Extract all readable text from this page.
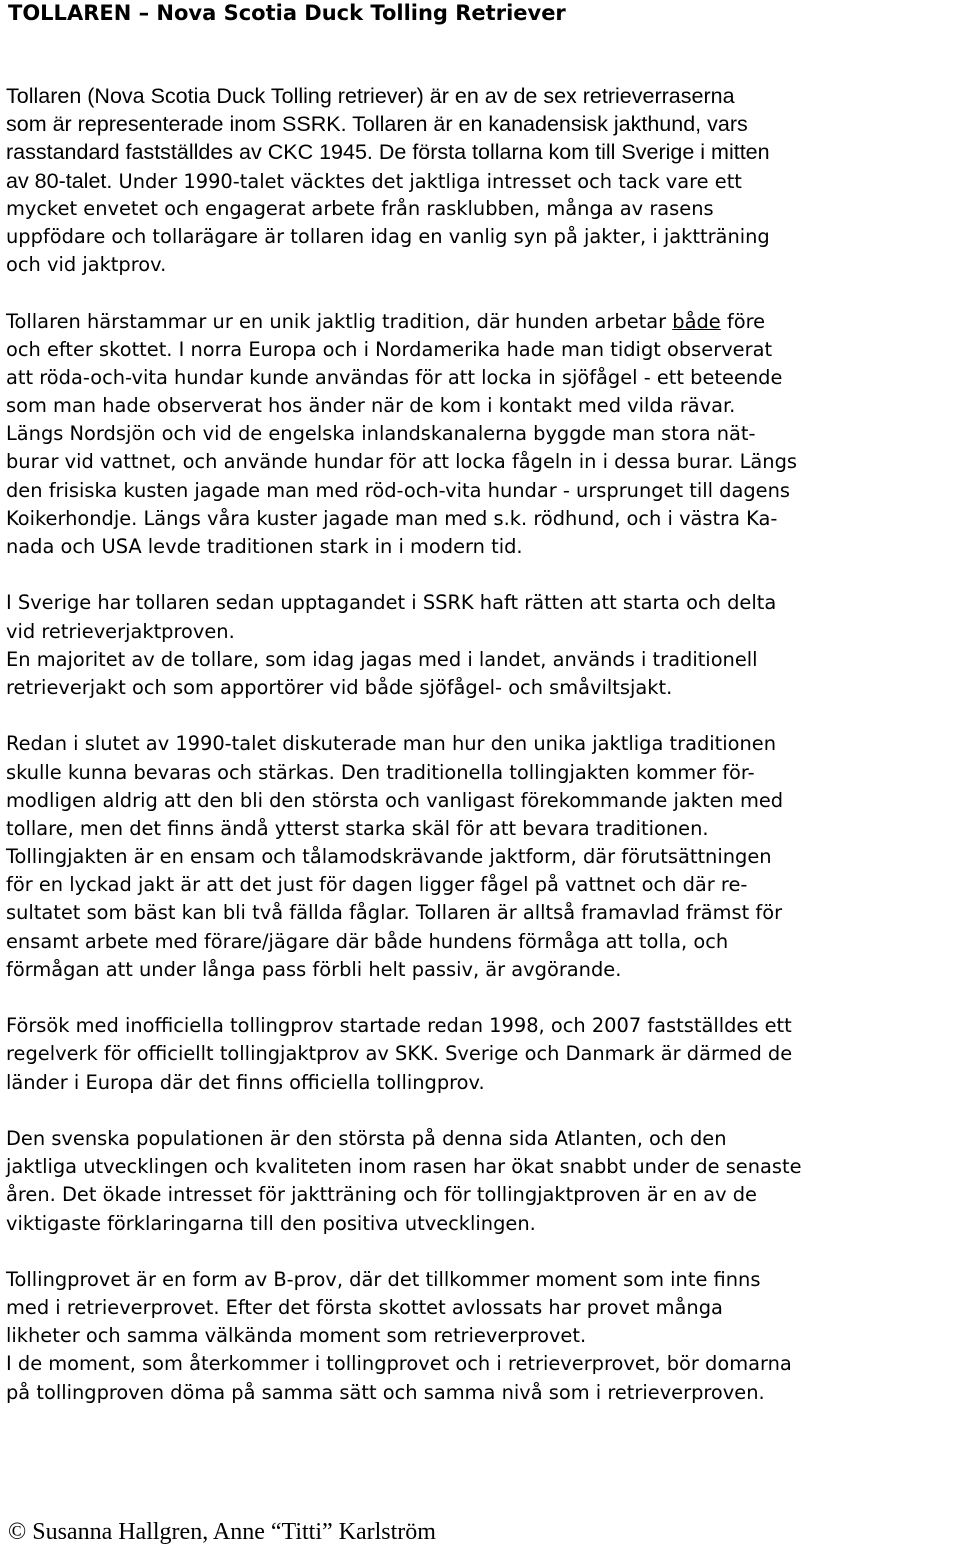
TOLLAREN – Nova Scotia Duck Tolling Retriever
Tollaren (Nova Scotia Duck Tolling retriever) är en av de sex retrieverraserna
som är representerade inom SSRK. Tollaren är en kanadensisk jakthund, vars
rasstandard fastställdes av CKC 1945. De första tollarna kom till Sverige i mitten
av 80-talet. Under 1990-talet väcktes det jaktliga intresset och tack vare ett
mycket envetet och engagerat arbete från rasklubben, många av rasens
uppfödare och tollarägare är tollaren idag en vanlig syn på jakter, i jaktträning
och vid jaktprov.
Tollaren härstammar ur en unik jaktlig tradition, där hunden arbetar både före
och efter skottet. I norra Europa och i Nordamerika hade man tidigt observerat
att röda-och-vita hundar kunde användas för att locka in sjöfågel - ett beteende
som man hade observerat hos änder när de kom i kontakt med vilda rävar.
Längs Nordsjön och vid de engelska inlandskanalerna byggde man stora nät-
burar vid vattnet, och använde hundar för att locka fågeln in i dessa burar. Längs
den frisiska kusten jagade man med röd-och-vita hundar - ursprunget till dagens
Koikerhondje. Längs våra kuster jagade man med s.k. rödhund, och i västra Ka-
nada och USA levde traditionen stark in i modern tid.
I Sverige har tollaren sedan upptagandet i SSRK haft rätten att starta och delta
vid retrieverjaktproven.
En majoritet av de tollare, som idag jagas med i landet, används i traditionell
retrieverjakt och som apportörer vid både sjöfågel- och småviltsjakt.
Redan i slutet av 1990-talet diskuterade man hur den unika jaktliga traditionen
skulle kunna bevaras och stärkas. Den traditionella tollingjakten kommer för-
modligen aldrig att den bli den största och vanligast förekommande jakten med
tollare, men det finns ändå ytterst starka skäl för att bevara traditionen.
Tollingjakten är en ensam och tålamodskrävande jaktform, där förutsättningen
för en lyckad jakt är att det just för dagen ligger fågel på vattnet och där re-
sultatet som bäst kan bli två fällda fåglar. Tollaren är alltså framavlad främst för
ensamt arbete med förare/jägare där både hundens förmåga att tolla, och
förmågan att under långa pass förbli helt passiv, är avgörande.
Försök med inofficiella tollingprov startade redan 1998, och 2007 fastställdes ett
regelverk för officiellt tollingjaktprov av SKK. Sverige och Danmark är därmed de
länder i Europa där det finns officiella tollingprov.
Den svenska populationen är den största på denna sida Atlanten, och den
jaktliga utvecklingen och kvaliteten inom rasen har ökat snabbt under de senaste
åren. Det ökade intresset för jaktträning och för tollingjaktproven är en av de
viktigaste förklaringarna till den positiva utvecklingen.
Tollingprovet är en form av B-prov, där det tillkommer moment som inte finns
med i retrieverprovet. Efter det första skottet avlossats har provet många
likheter och samma välkända moment som retrieverprovet.
I de moment, som återkommer i tollingprovet och i retrieverprovet, bör domarna
på tollingproven döma på samma sätt och samma nivå som i retrieverproven.
© Susanna Hallgren, Anne “Titti” Karlström
